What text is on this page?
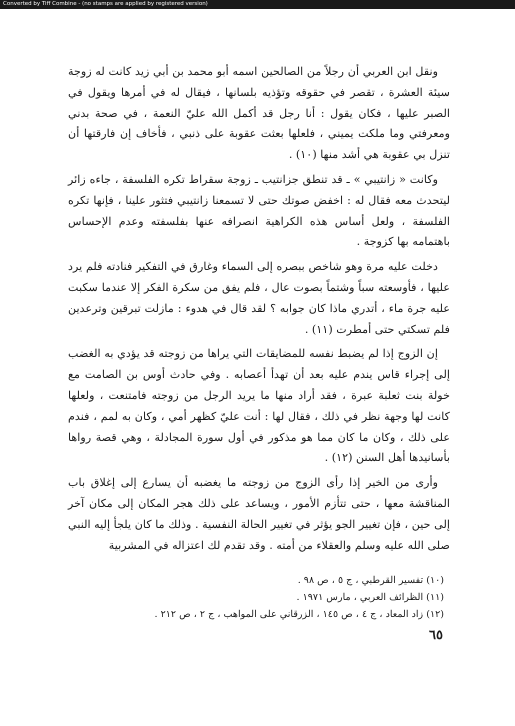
Converted by Tiff Combine - (no stamps are applied by registered version)

ونقل ابن العربي أن رجلاً من الصالحين اسمه أبو محمد بن أبي زيد كانت له زوجة سيئة العشرة ، تقصر في حقوقه وتؤذيه بلسانها ، فيقال له في أمرها ويقول في الصبر عليها ، فكان يقول : أنا رجل قد أكمل الله عليّ النعمة ، في صحة بدني ومعرفتي وما ملكت يميني ، فلعلها بعثت عقوبة على ذنبي ، فأخاف إن فارقتها أن تنزل بي عقوبة هي أشد منها (١٠) .

وكانت « زانتيبي » ـ قد تنطق جزانتيب ـ زوجة سقراط تكره الفلسفة ، جاءه زائر ليتحدث معه فقال له : اخفض صوتك حتى لا تسمعنا زانتيبي فتثور علينا ، فإنها تكره الفلسفة ، ولعل أساس هذه الكراهية انصرافه عنها بفلسفته وعدم الإحساس باهتمامه بها كزوجة .

دخلت عليه مرة وهو شاخص ببصره إلى السماء وغارق في التفكير فنادته فلم يرد عليها ، فأوسعته سباً وشتماً بصوت عال ، فلم يفق من سكرة الفكر إلا عندما سكبت عليه جرة ماء ، أتدري ماذا كان جوابه ؟ لقد قال في هدوء : مازلت تبرقين وترعدين فلم تسكتي حتى أمطرت (١١) .

إن الزوج إذا لم يضبط نفسه للمضايقات التي يراها من زوجته قد يؤدي به الغضب إلى إجراء قاس يندم عليه بعد أن تهدأ أعصابه . وفي حادث أوس بن الصامت مع خولة بنت ثعلبة عبرة ، فقد أراد منها ما يريد الرجل من زوجته فامتنعت ، ولعلها كانت لها وجهة نظر في ذلك ، فقال لها : أنت عليّ كظهر أمي ، وكان به لمم ، فندم على ذلك ، وكان ما كان مما هو مذكور في أول سورة المجادلة ، وهي قصة رواها بأسانيدها أهل السنن (١٢) .

وأرى من الخير إذا رأى الزوج من زوجته ما يغضبه أن يسارع إلى إغلاق باب المناقشة معها ، حتى تتأزم الأمور ، ويساعد على ذلك هجر المكان إلى مكان آخر إلى حين ، فإن تغيير الجو يؤثر في تغيير الحالة النفسية . وذلك ما كان يلجأ إليه النبي صلى الله عليه وسلم والعقلاء من أمته . وقد تقدم لك اعتزاله في المشربية

(١٠) تفسير القرطبي ، ج ٥ ، ص ٩٨ .

(١١) الظرائف العربي ، مارس ١٩٧١ .

(١٢) زاد المعاد ، ج ٤ ، ص ١٤٥ ، الزرقاني على المواهب ، ج ٢ ، ص ٢١٢ .

٦٥
